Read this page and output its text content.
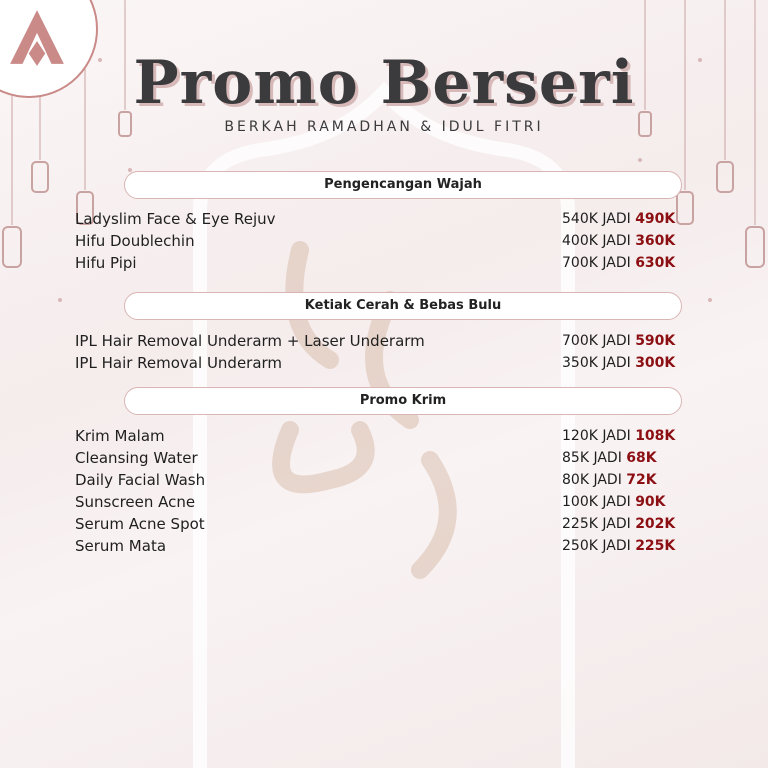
Promo Berseri
BERKAH RAMADHAN & IDUL FITRI
Pengencangan Wajah
Ladyslim Face & Eye Rejuv	540K JADI 490K
Hifu Doublechin	400K JADI 360K
Hifu Pipi	700K JADI 630K
Ketiak Cerah & Bebas Bulu
IPL Hair Removal Underarm + Laser Underarm	700K JADI 590K
IPL Hair Removal Underarm	350K JADI 300K
Promo Krim
Krim Malam	120K JADI 108K
Cleansing Water	85K JADI 68K
Daily Facial Wash	80K JADI 72K
Sunscreen Acne	100K JADI 90K
Serum Acne Spot	225K JADI 202K
Serum Mata	250K JADI 225K
